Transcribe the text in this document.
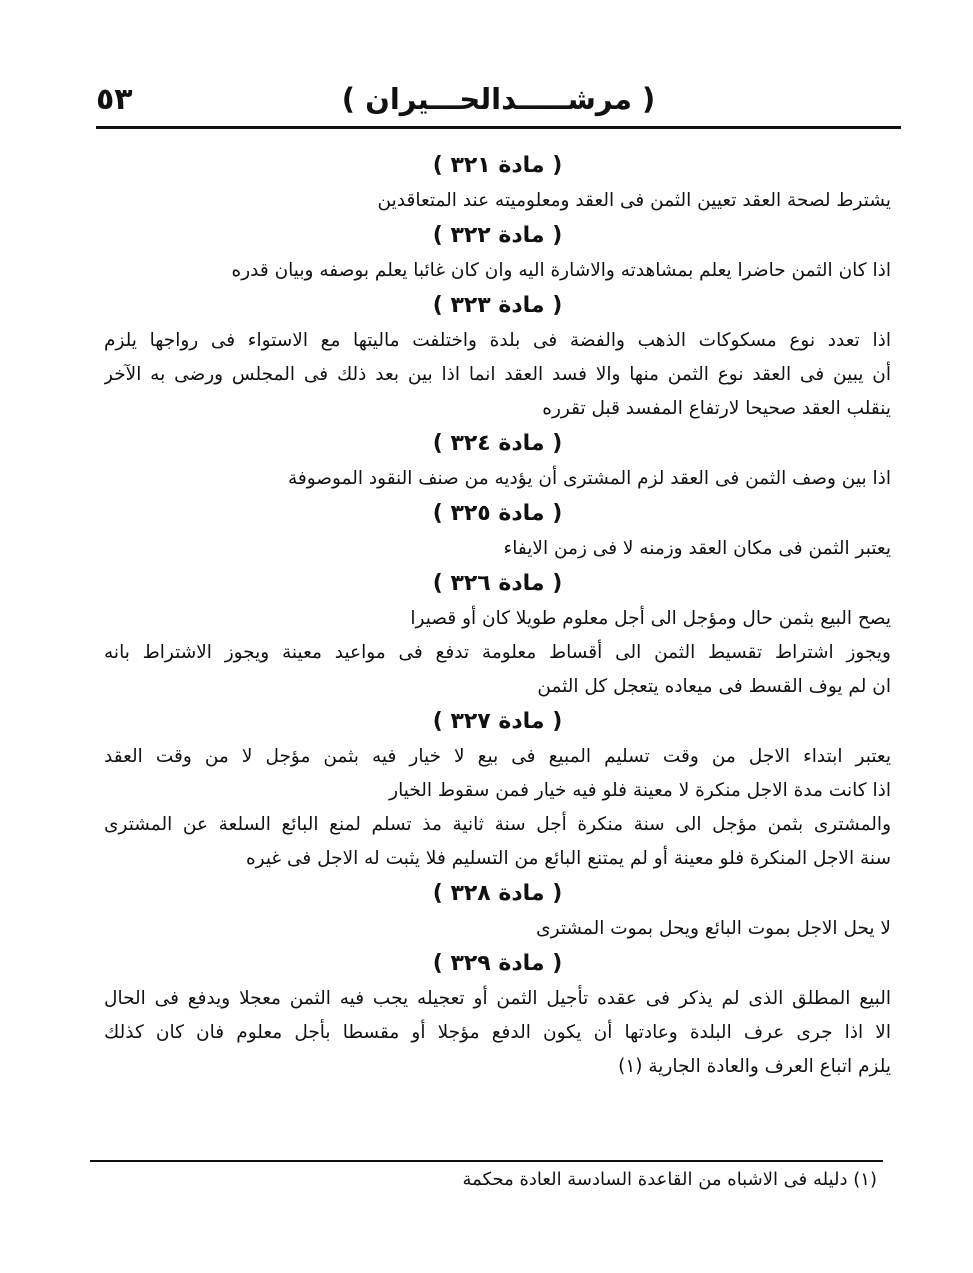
٥٣	( مرشـــــدالحـــيران )
( مادة ٣٢١ )
يشترط لصحة العقد تعيين الثمن فى العقد ومعلوميته عند المتعاقدين
( مادة ٣٢٢ )
اذا كان الثمن حاضرا يعلم بمشاهدته والاشارة اليه وان كان غائبا يعلم بوصفه وبيان قدره
( مادة ٣٢٣ )
اذا تعدد نوع مسكوكات الذهب والفضة فى بلدة واختلفت ماليتها مع الاستواء فى رواجها يلزم
أن يبين فى العقد نوع الثمن منها والا فسد العقد انما اذا بين بعد ذلك فى المجلس ورضى به الآخر
ينقلب العقد صحيحا لارتفاع المفسد قبل تقرره
( مادة ٣٢٤ )
اذا بين وصف الثمن فى العقد لزم المشترى أن يؤديه من صنف النقود الموصوفة
( مادة ٣٢٥ )
يعتبر الثمن فى مكان العقد وزمنه لا فى زمن الايفاء
( مادة ٣٢٦ )
يصح البيع بثمن حال ومؤجل الى أجل معلوم طويلا كان أو قصيرا
ويجوز اشتراط تقسيط الثمن الى أقساط معلومة تدفع فى مواعيد معينة ويجوز الاشتراط بانه
ان لم يوف القسط فى ميعاده يتعجل كل الثمن
( مادة ٣٢٧ )
يعتبر ابتداء الاجل من وقت تسليم المبيع فى بيع لا خيار فيه بثمن مؤجل لا من وقت العقد
اذا كانت مدة الاجل منكرة لا معينة فلو فيه خيار فمن سقوط الخيار
والمشترى بثمن مؤجل الى سنة منكرة أجل سنة ثانية مذ تسلم لمنع البائع السلعة عن المشترى
سنة الاجل المنكرة فلو معينة أو لم يمتنع البائع من التسليم فلا يثبت له الاجل فى غيره
( مادة ٣٢٨ )
لا يحل الاجل بموت البائع ويحل بموت المشترى
( مادة ٣٢٩ )
البيع المطلق الذى لم يذكر فى عقده تأجيل الثمن أو تعجيله يجب فيه الثمن معجلا ويدفع فى الحال
الا اذا جرى عرف البلدة وعادتها أن يكون الدفع مؤجلا أو مقسطا بأجل معلوم فان كان كذلك
يلزم اتباع العرف والعادة الجارية (١)
(١) دليله فى الاشباه من القاعدة السادسة العادة محكمة
